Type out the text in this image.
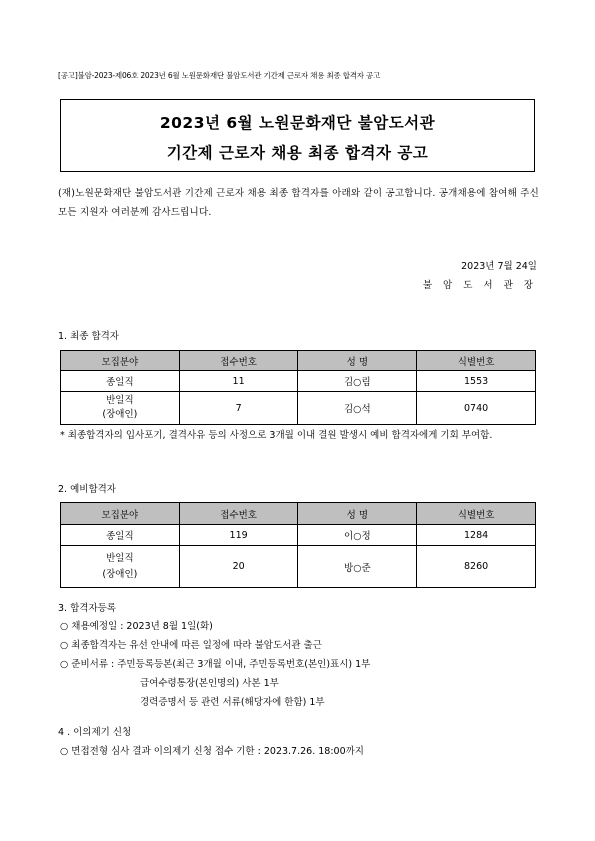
[공고]불암-2023-제06호 2023년 6월 노원문화재단 불암도서관 기간제 근로자 채용 최종 합격자 공고
2023년 6월 노원문화재단 불암도서관
기간제 근로자 채용 최종 합격자 공고
(재)노원문화재단 불암도서관 기간제 근로자 채용 최종 합격자를 아래와 같이 공고합니다. 공개채용에 참여해 주신 모든 지원자 여러분께 감사드립니다.
2023년 7월 24일
불 암 도 서 관 장
1. 최종 합격자
모집분야	접수번호	성 명	식별번호
종일직	11	김○림	1553

반일직
(장애인)	7	김○석	0740
* 최종합격자의 입사포기, 결격사유 등의 사정으로 3개월 이내 결원 발생시 예비 합격자에게 기회 부여함.
2. 예비합격자
모집분야	접수번호	성 명	식별번호
종일직	119	이○정	1284

반일직
(장애인)	20	방○준	8260
3. 합격자등록
○ 채용예정일 : 2023년 8월 1일(화)
○ 최종합격자는 유선 안내에 따른 일정에 따라 불암도서관 출근
○ 준비서류 : 주민등록등본(최근 3개월 이내, 주민등록번호(본인)표시) 1부
급여수령통장(본인명의) 사본 1부
경력증명서 등 관련 서류(해당자에 한함) 1부
4 . 이의제기 신청
○ 면접전형 심사 결과 이의제기 신청 접수 기한 : 2023.7.26. 18:00까지
